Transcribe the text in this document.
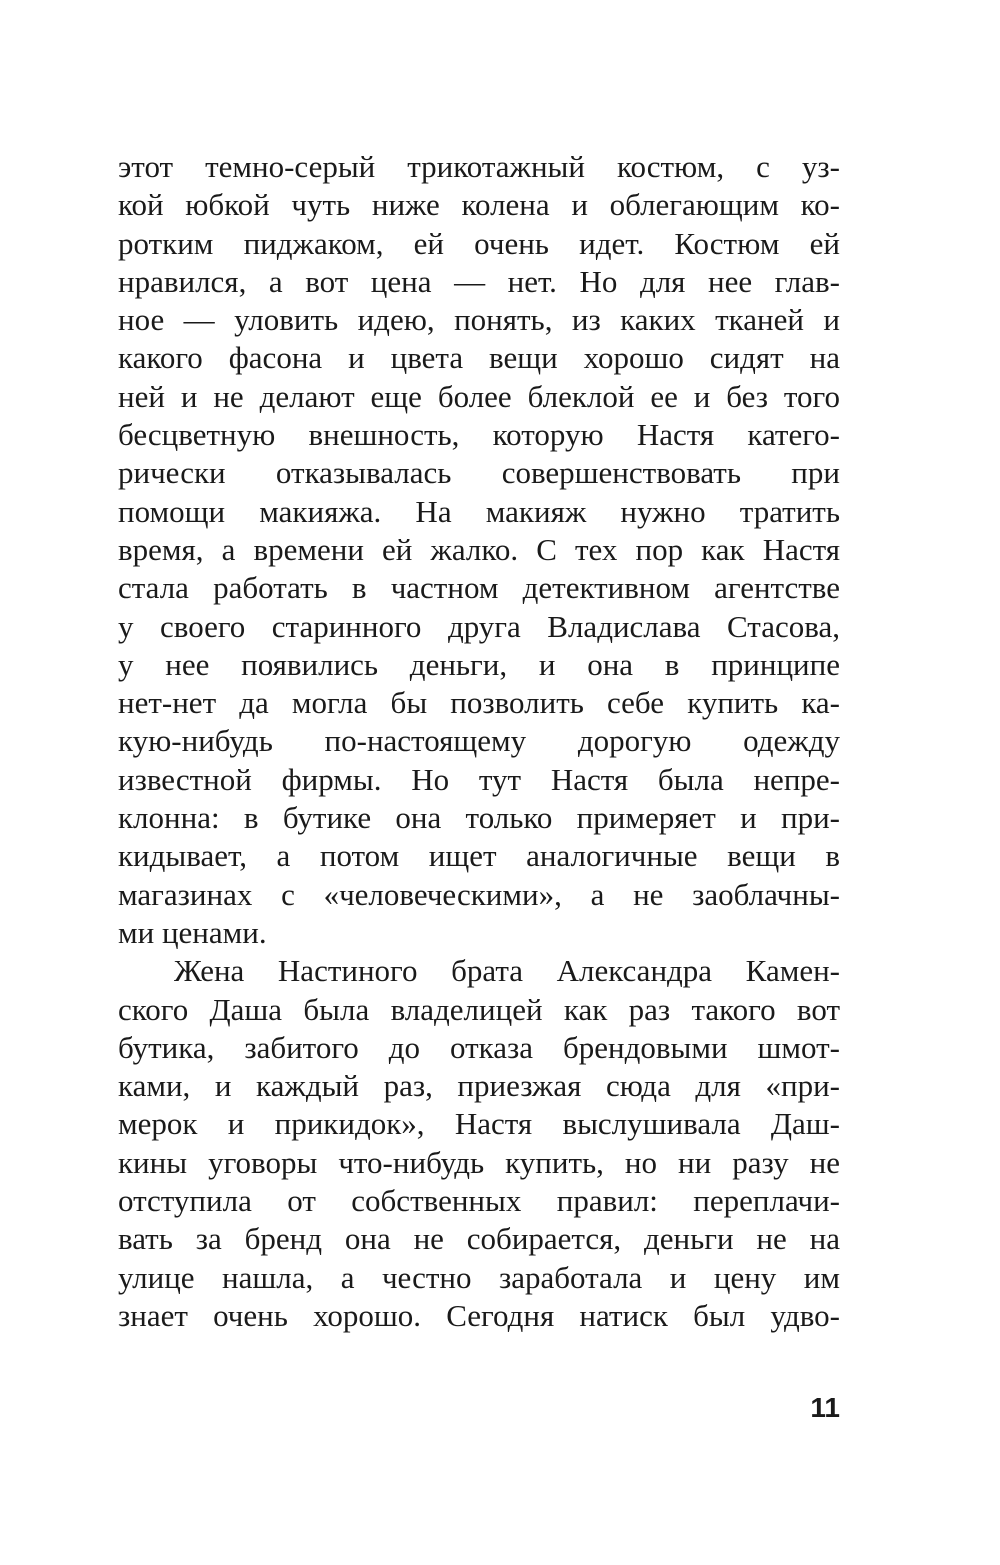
этот темно-серый трикотажный костюм, с уз-
кой юбкой чуть ниже колена и облегающим ко-
ротким пиджаком, ей очень идет. Костюм ей
нравился, а вот цена — нет. Но для нее глав-
ное — уловить идею, понять, из каких тканей и
какого фасона и цвета вещи хорошо сидят на
ней и не делают еще более блеклой ее и без того
бесцветную внешность, которую Настя катего-
рически отказывалась совершенствовать при
помощи макияжа. На макияж нужно тратить
время, а времени ей жалко. С тех пор как Настя
стала работать в частном детективном агентстве
у своего старинного друга Владислава Стасова,
у нее появились деньги, и она в принципе
нет-нет да могла бы позволить себе купить ка-
кую-нибудь по-настоящему дорогую одежду
известной фирмы. Но тут Настя была непре-
клонна: в бутике она только примеряет и при-
кидывает, а потом ищет аналогичные вещи в
магазинах с «человеческими», а не заоблачны-
ми ценами.
Жена Настиного брата Александра Камен-
ского Даша была владелицей как раз такого вот
бутика, забитого до отказа брендовыми шмот-
ками, и каждый раз, приезжая сюда для «при-
мерок и прикидок», Настя выслушивала Даш-
кины уговоры что-нибудь купить, но ни разу не
отступила от собственных правил: переплачи-
вать за бренд она не собирается, деньги не на
улице нашла, а честно заработала и цену им
знает очень хорошо. Сегодня натиск был удво-
11
